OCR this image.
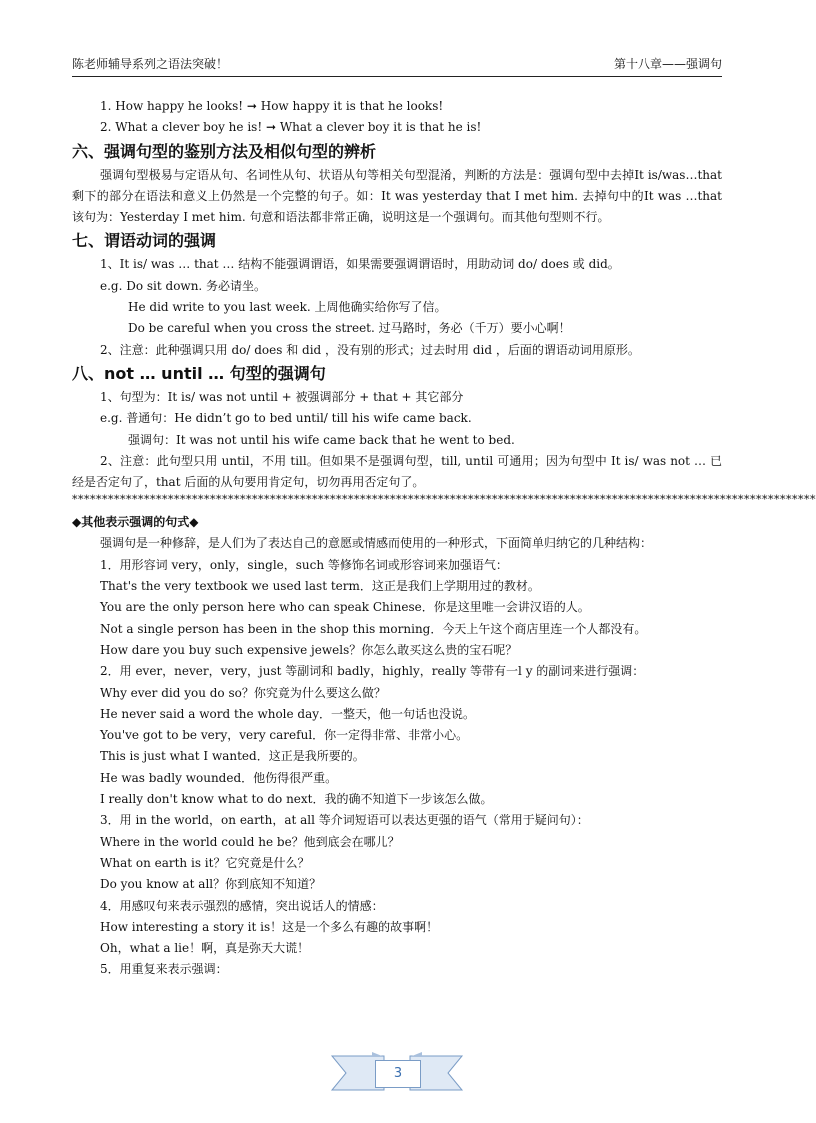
陈老师辅导系列之语法突破！	第十八章——强调句
1. How happy he looks! ➞ How happy it is that he looks!
2. What a clever boy he is! ➞ What a clever boy it is that he is!
六、强调句型的鉴别方法及相似句型的辨析
强调句型极易与定语从句、名词性从句、状语从句等相关句型混淆，判断的方法是：强调句型中去掉It is/was…that剩下的部分在语法和意义上仍然是一个完整的句子。如：It was yesterday that I met him. 去掉句中的It was …that 该句为：Yesterday I met him. 句意和语法都非常正确，说明这是一个强调句。而其他句型则不行。
七、谓语动词的强调
1、It is/ was … that … 结构不能强调谓语，如果需要强调谓语时，用助动词 do/ does 或 did。
e.g. Do sit down. 务必请坐。
He did write to you last week. 上周他确实给你写了信。
Do be careful when you cross the street. 过马路时，务必（千万）要小心啊！
2、注意：此种强调只用 do/ does 和 did ，没有别的形式；过去时用 did ，后面的谓语动词用原形。
八、not … until … 句型的强调句
1、句型为：It is/ was not until + 被强调部分 + that + 其它部分
e.g. 普通句：He didn’t go to bed until/ till his wife came back.
强调句：It was not until his wife came back that he went to bed.
2、注意：此句型只用 until，不用 till。但如果不是强调句型，till, until 可通用；因为句型中 It is/ was not … 已经是否定句了，that 后面的从句要用肯定句，切勿再用否定句了。
****************************************************************************************************************************
◆其他表示强调的句式◆
强调句是一种修辞，是人们为了表达自己的意愿或情感而使用的一种形式，下面简单归纳它的几种结构：
1．用形容词 very，only，single，such 等修饰名词或形容词来加强语气：
That's the very textbook we used last term．这正是我们上学期用过的教材。
You are the only person here who can speak Chinese．你是这里唯一会讲汉语的人。
Not a single person has been in the shop this morning．今天上午这个商店里连一个人都没有。
How dare you buy such expensive jewels？你怎么敢买这么贵的宝石呢？
2．用 ever，never，very，just 等副词和 badly，highly，really 等带有一l y 的副词来进行强调：
Why ever did you do so？你究竟为什么要这么做？
He never said a word the whole day．一整天，他一句话也没说。
You've got to be very，very careful．你一定得非常、非常小心。
This is just what I wanted．这正是我所要的。
He was badly wounded．他伤得很严重。
I really don't know what to do next．我的确不知道下一步该怎么做。
3．用 in the world，on earth，at all 等介词短语可以表达更强的语气（常用于疑问句）：
Where in the world could he be？他到底会在哪儿？
What on earth is it？它究竟是什么？
Do you know at all？你到底知不知道？
4．用感叹句来表示强烈的感情，突出说话人的情感：
How interesting a story it is！这是一个多么有趣的故事啊！
Oh，what a lie！啊，真是弥天大谎！
5．用重复来表示强调：
3
